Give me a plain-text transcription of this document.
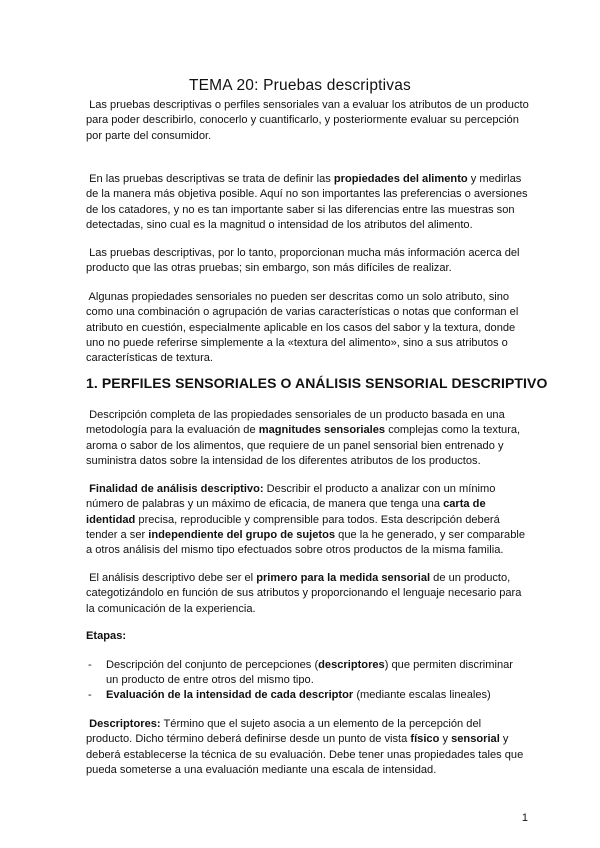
TEMA 20: Pruebas descriptivas
Las pruebas descriptivas o perfiles sensoriales van a evaluar los atributos de un producto para poder describirlo, conocerlo y cuantificarlo, y posteriormente evaluar su percepción por parte del consumidor.
En las pruebas descriptivas se trata de definir las propiedades del alimento y medirlas de la manera más objetiva posible. Aquí no son importantes las preferencias o aversiones de los catadores, y no es tan importante saber si las diferencias entre las muestras son detectadas, sino cual es la magnitud o intensidad de los atributos del alimento.
Las pruebas descriptivas, por lo tanto, proporcionan mucha más información acerca del producto que las otras pruebas; sin embargo, son más difíciles de realizar.
Algunas propiedades sensoriales no pueden ser descritas como un solo atributo, sino como una combinación o agrupación de varias características o notas que conforman el atributo en cuestión, especialmente aplicable en los casos del sabor y la textura, donde uno no puede referirse simplemente a la «textura del alimento», sino a sus atributos o características de textura.
1. PERFILES SENSORIALES O ANÁLISIS SENSORIAL DESCRIPTIVO
Descripción completa de las propiedades sensoriales de un producto basada en una metodología para la evaluación de magnitudes sensoriales complejas como la textura, aroma o sabor de los alimentos, que requiere de un panel sensorial bien entrenado y suministra datos sobre la intensidad de los diferentes atributos de los productos.
Finalidad de análisis descriptivo: Describir el producto a analizar con un mínimo número de palabras y un máximo de eficacia, de manera que tenga una carta de identidad precisa, reproducible y comprensible para todos. Esta descripción deberá tender a ser independiente del grupo de sujetos que la he generado, y ser comparable a otros análisis del mismo tipo efectuados sobre otros productos de la misma familia.
El análisis descriptivo debe ser el primero para la medida sensorial de un producto, categotizándolo en función de sus atributos y proporcionando el lenguaje necesario para la comunicación de la experiencia.
Etapas:
- Descripción del conjunto de percepciones (descriptores) que permiten discriminar un producto de entre otros del mismo tipo.
- Evaluación de la intensidad de cada descriptor (mediante escalas lineales)
Descriptores: Término que el sujeto asocia a un elemento de la percepción del producto. Dicho término deberá definirse desde un punto de vista físico y sensorial y deberá establecerse la técnica de su evaluación. Debe tener unas propiedades tales que pueda someterse a una evaluación mediante una escala de intensidad.
1
